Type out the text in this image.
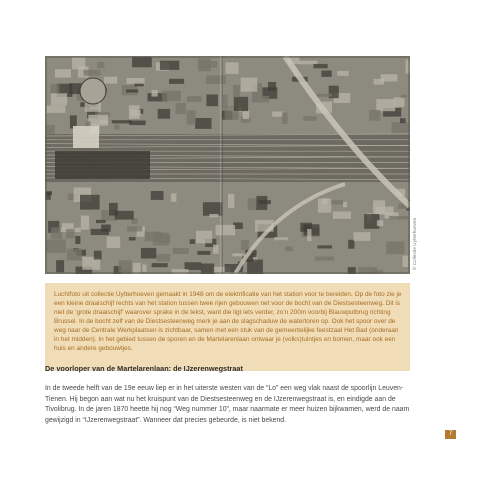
© Collectie Uytterhoeven

Luchtfoto uit collectie Uytterhoeven gemaakt in 1948 om de elektrificatie van het station voor te bereiden. Op de foto zie je een kleine draaischijf rechts van het station tussen twee rijen gebouwen net voor de bocht van de Diestsesteenweg. Dit is niet de ‘grote draaischijf’ waarover sprake in de tekst, want die ligt iets verder, zo’n 200m voorbij Blauwputbrug richting Brussel. In de bocht zelf van de Diestsesteenweg merk je aan de slagschaduw de watertoren op. Ook het spoor over de weg naar de Centrale Werkplaatsen is zichtbaar, samen met een stuk van de gemeentelijke feestzaal Het Bad (onderaan in het midden). In het gebied tussen de sporen en de Martelarenlaan ontwaar je (volks)tuintjes en bomen, maar ook een huis en andere gebouwtjes.

De voorloper van de Martelarenlaan: de IJzerenwegstraat

In de tweede helft van de 19e eeuw liep er in het uiterste westen van de “Lo” een weg vlak naast de spoorlijn Leuven-Tienen. Hij begon aan wat nu het kruispunt van de Diestsesteenweg en de IJzerenwegstraat is, en eindigde aan de Tivolibrug. In de jaren 1870 heette hij nog “Weg nummer 10”, maar naarmate er meer huizen bijkwamen, werd de naam gewijzigd in “IJzerenwegstraat”. Wanneer dat precies gebeurde, is niet bekend.

7
